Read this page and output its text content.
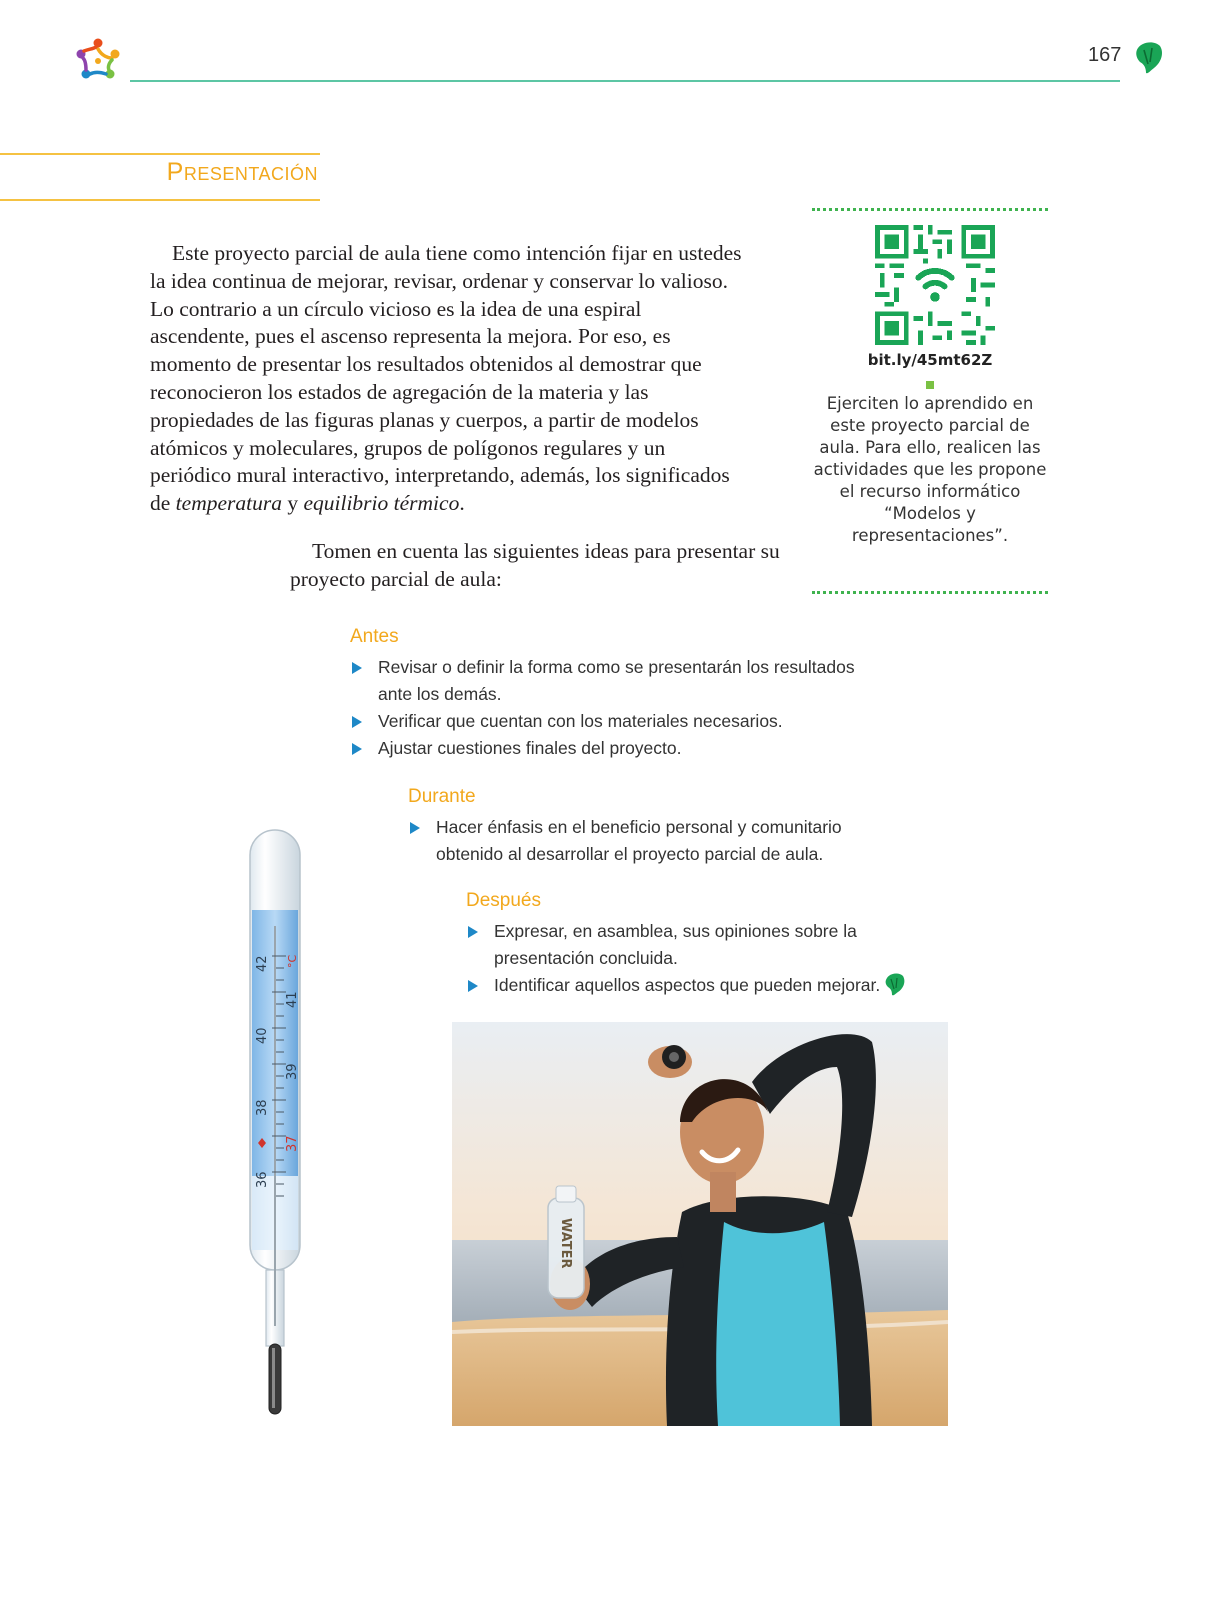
167
Presentación

Este proyecto parcial de aula tiene como intención fijar en ustedes la idea continua de mejorar, revisar, ordenar y conservar lo valioso. Lo contrario a un círculo vicioso es la idea de una espiral ascendente, pues el ascenso representa la mejora. Por eso, es momento de presentar los resultados obtenidos al demostrar que reconocieron los estados de agregación de la materia y las propiedades de las figuras planas y cuerpos, a partir de modelos atómicos y moleculares, grupos de polígonos regulares y un periódico mural interactivo, interpretando, además, los significados de temperatura y equilibrio térmico.

Tomen en cuenta las siguientes ideas para presentar su proyecto parcial de aula:

bit.ly/45mt62Z
Ejerciten lo aprendido en este proyecto parcial de aula. Para ello, realicen las actividades que les propone el recurso informático “Modelos y representaciones”.
Antes
Revisar o definir la forma como se presentarán los resultados ante los demás.
Verificar que cuentan con los materiales necesarios.
Ajustar cuestiones finales del proyecto.
Durante
Hacer énfasis en el beneficio personal y comunitario obtenido al desarrollar el proyecto parcial de aula.
Después
Expresar, en asamblea, sus opiniones sobre la presentación concluida.
Identificar aquellos aspectos que pueden mejorar.
36
37
38
39
40
41
42 °C
WATER
